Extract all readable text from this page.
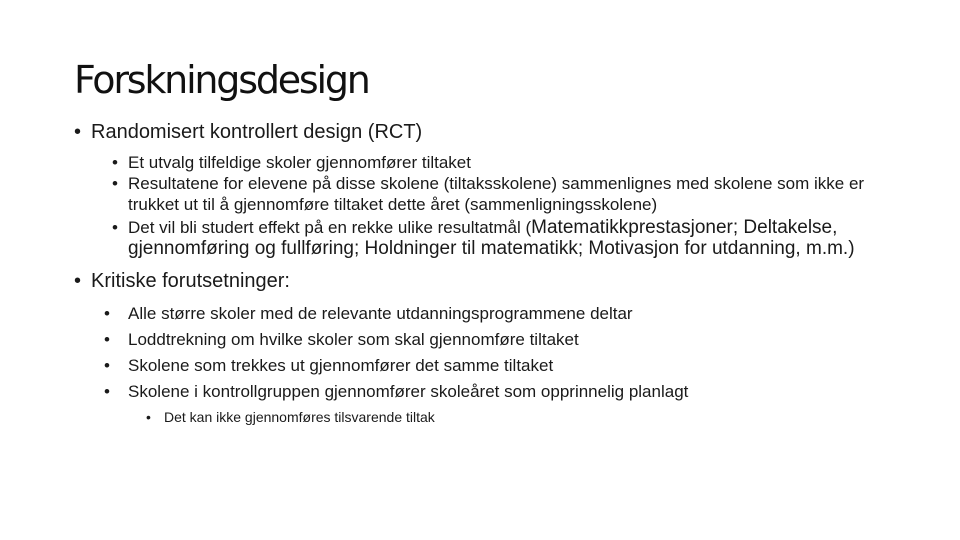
Forskningsdesign
• Randomisert kontrollert design (RCT)
• Et utvalg tilfeldige skoler gjennomfører tiltaket
• Resultatene for elevene på disse skolene (tiltaksskolene) sammenlignes med skolene som ikke er trukket ut til å gjennomføre tiltaket dette året (sammenligningsskolene)
• Det vil bli studert effekt på en rekke ulike resultatmål (Matematikkprestasjoner; Deltakelse, gjennomføring og fullføring; Holdninger til matematikk; Motivasjon for utdanning, m.m.)
• Kritiske forutsetninger:
• Alle større skoler med de relevante utdanningsprogrammene deltar
• Loddtrekning om hvilke skoler som skal gjennomføre tiltaket
• Skolene som trekkes ut gjennomfører det samme tiltaket
• Skolene i kontrollgruppen gjennomfører skoleåret som opprinnelig planlagt
• Det kan ikke gjennomføres tilsvarende tiltak
